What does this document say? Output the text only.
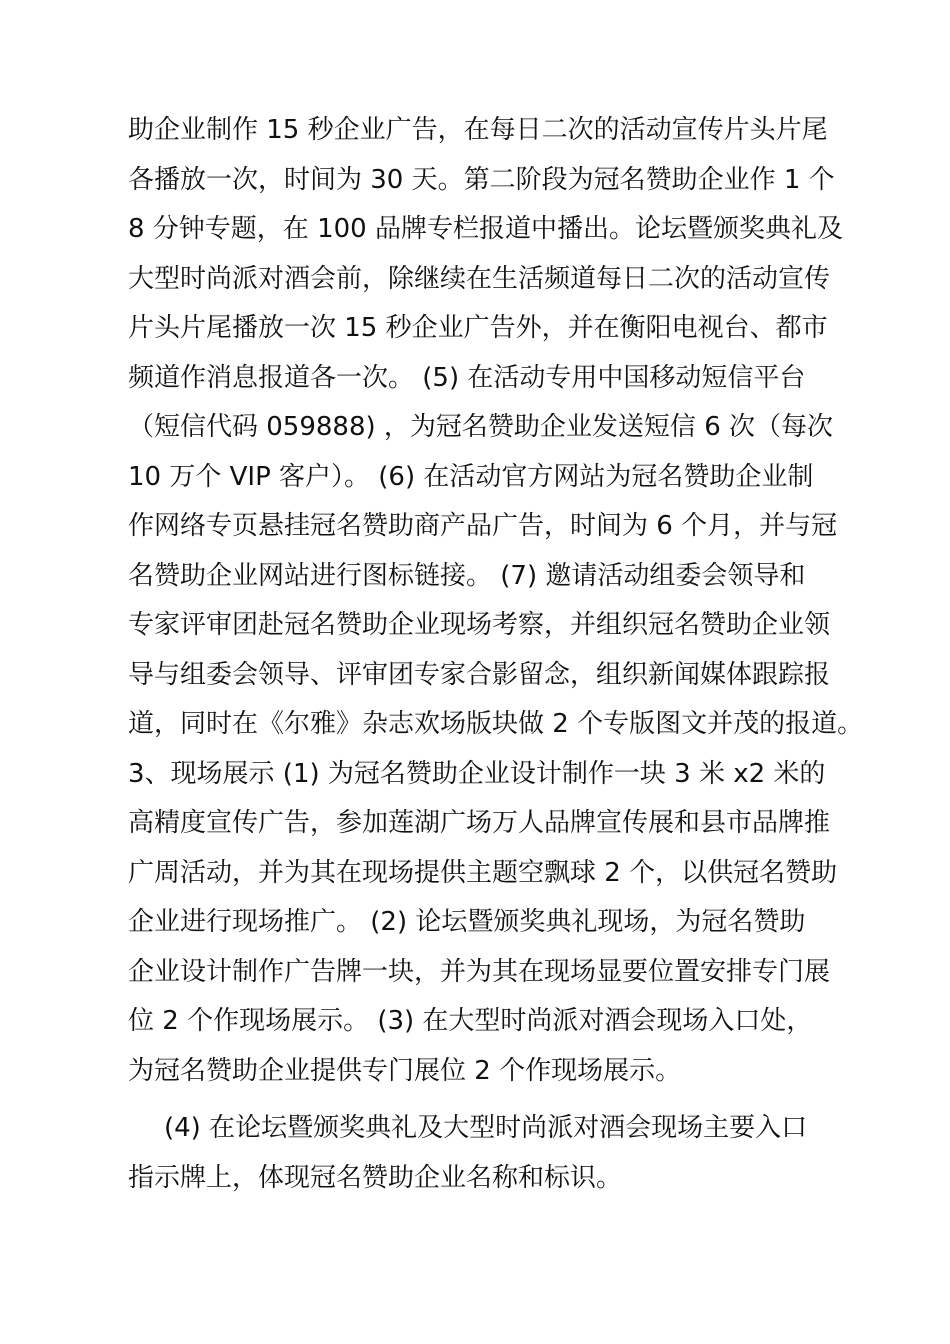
助企业制作 15 秒企业广告，在每日二次的活动宣传片头片尾
各播放一次，时间为 30 天。第二阶段为冠名赞助企业作 1 个
8 分钟专题，在 100 品牌专栏报道中播出。论坛暨颁奖典礼及
大型时尚派对酒会前，除继续在生活频道每日二次的活动宣传
片头片尾播放一次 15 秒企业广告外，并在衡阳电视台、都市
频道作消息报道各一次。 (5) 在活动专用中国移动短信平台
（短信代码 059888) ，为冠名赞助企业发送短信 6 次（每次
10 万个 VIP 客户）。 (6) 在活动官方网站为冠名赞助企业制
作网络专页悬挂冠名赞助商产品广告，时间为 6 个月，并与冠
名赞助企业网站进行图标链接。 (7) 邀请活动组委会领导和
专家评审团赴冠名赞助企业现场考察，并组织冠名赞助企业领
导与组委会领导、评审团专家合影留念，组织新闻媒体跟踪报
道，同时在《尔雅》杂志欢场版块做 2 个专版图文并茂的报道。
3、现场展示 (1) 为冠名赞助企业设计制作一块 3 米 x2 米的
高精度宣传广告，参加莲湖广场万人品牌宣传展和县市品牌推
广周活动，并为其在现场提供主题空飘球 2 个，以供冠名赞助
企业进行现场推广。 (2) 论坛暨颁奖典礼现场，为冠名赞助
企业设计制作广告牌一块，并为其在现场显要位置安排专门展
位 2 个作现场展示。 (3) 在大型时尚派对酒会现场入口处，
为冠名赞助企业提供专门展位 2 个作现场展示。
(4) 在论坛暨颁奖典礼及大型时尚派对酒会现场主要入口
指示牌上，体现冠名赞助企业名称和标识。
